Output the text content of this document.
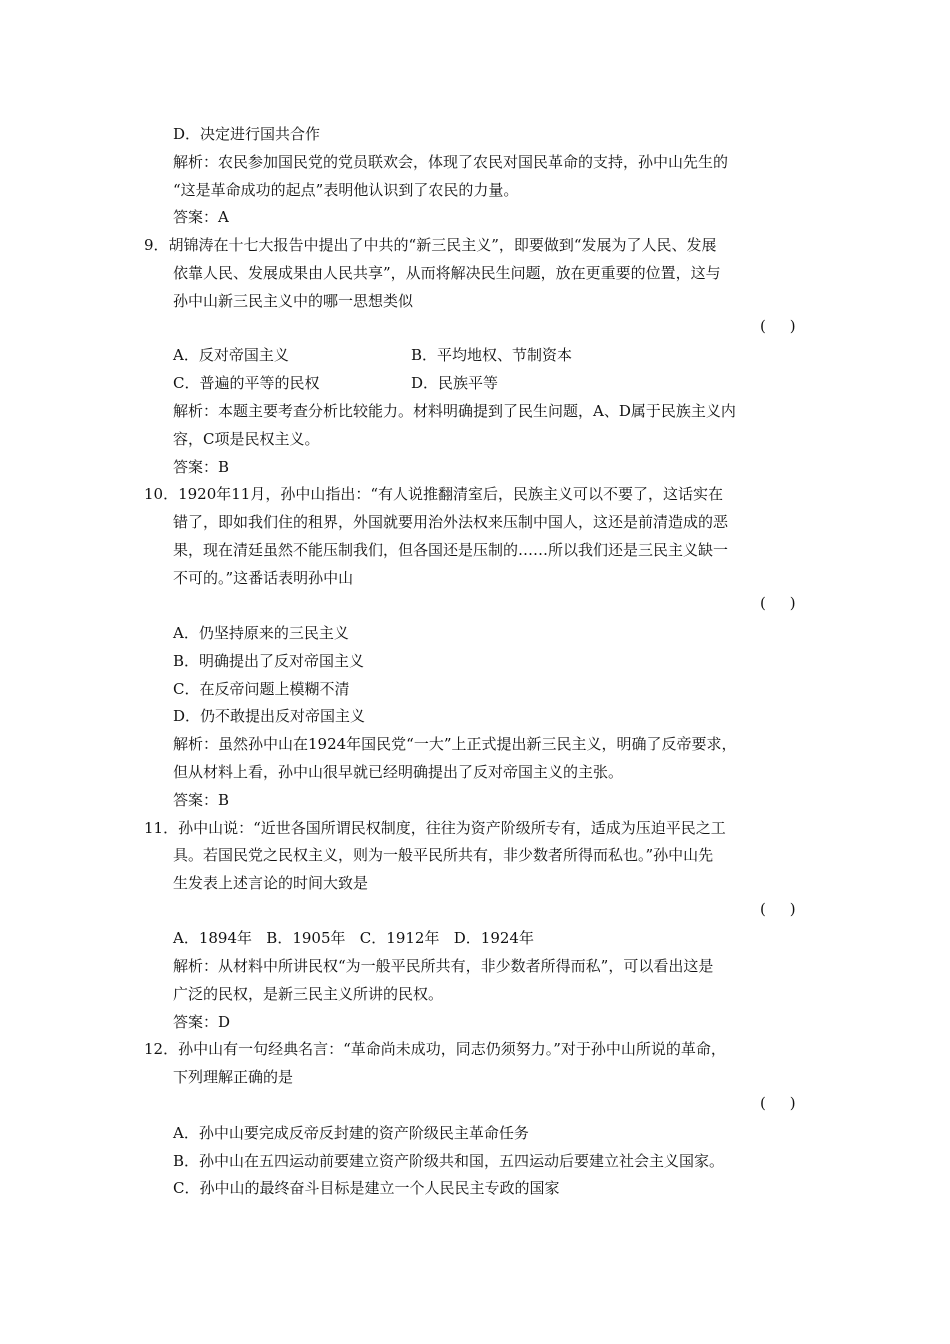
D．决定进行国共合作
解析：农民参加国民党的党员联欢会，体现了农民对国民革命的支持，孙中山先生的
“这是革命成功的起点”表明他认识到了农民的力量。
答案：A
9．胡锦涛在十七大报告中提出了中共的“新三民主义”，即要做到“发展为了人民、发展
依靠人民、发展成果由人民共享”，从而将解决民生问题，放在更重要的位置，这与
孙中山新三民主义中的哪一思想类似
(     )
A．反对帝国主义	B．平均地权、节制资本
C．普遍的平等的民权	D．民族平等
解析：本题主要考查分析比较能力。材料明确提到了民生问题，A、D属于民族主义内
容，C项是民权主义。
答案：B
10．1920年11月，孙中山指出：“有人说推翻清室后，民族主义可以不要了，这话实在
错了，即如我们住的租界，外国就要用治外法权来压制中国人，这还是前清造成的恶
果，现在清廷虽然不能压制我们，但各国还是压制的……所以我们还是三民主义缺一
不可的。”这番话表明孙中山
(     )
A．仍坚持原来的三民主义
B．明确提出了反对帝国主义
C．在反帝问题上模糊不清
D．仍不敢提出反对帝国主义
解析：虽然孙中山在1924年国民党“一大”上正式提出新三民主义，明确了反帝要求，
但从材料上看，孙中山很早就已经明确提出了反对帝国主义的主张。
答案：B
11．孙中山说：“近世各国所谓民权制度，往往为资产阶级所专有，适成为压迫平民之工
具。若国民党之民权主义，则为一般平民所共有，非少数者所得而私也。”孙中山先
生发表上述言论的时间大致是
(     )
A．1894年   B．1905年   C．1912年   D．1924年
解析：从材料中所讲民权“为一般平民所共有，非少数者所得而私”，可以看出这是
广泛的民权，是新三民主义所讲的民权。
答案：D
12．孙中山有一句经典名言：“革命尚未成功，同志仍须努力。”对于孙中山所说的革命，
下列理解正确的是
(     )
A．孙中山要完成反帝反封建的资产阶级民主革命任务
B．孙中山在五四运动前要建立资产阶级共和国，五四运动后要建立社会主义国家。
C．孙中山的最终奋斗目标是建立一个人民民主专政的国家
